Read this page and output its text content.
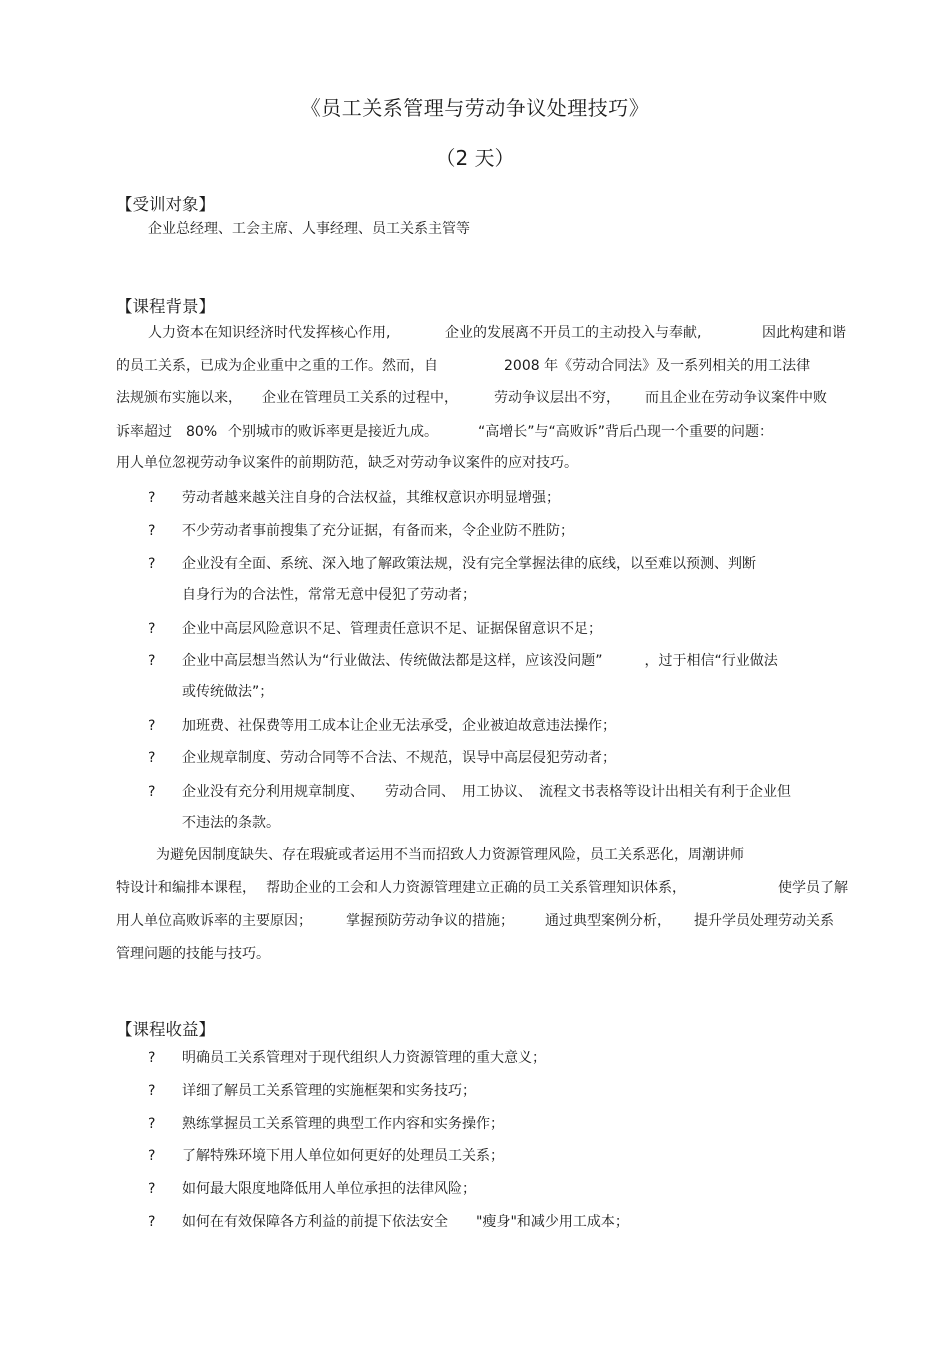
《员工关系管理与劳动争议处理技巧》
（2 天）
【受训对象】
企业总经理、工会主席、人事经理、员工关系主管等
【课程背景】
人力资本在知识经济时代发挥核心作用,	企业的发展离不开员工的主动投入与奉献,	因此构建和谐
的员工关系，已成为企业重中之重的工作。然而，自	2008 年《劳动合同法》及一系列相关的用工法律
法规颁布实施以来， 企业在管理员工关系的过程中，	劳动争议层出不穷， 而且企业在劳动争议案件中败
诉率超过 80% 个别城市的败诉率更是接近九成。	“高增长”与“高败诉”背后凸现一个重要的问题：
用人单位忽视劳动争议案件的前期防范，缺乏对劳动争议案件的应对技巧。
? 劳动者越来越关注自身的合法权益，其维权意识亦明显增强；
? 不少劳动者事前搜集了充分证据，有备而来，令企业防不胜防；
? 企业没有全面、系统、深入地了解政策法规，没有完全掌握法律的底线，以至难以预测、判断
自身行为的合法性，常常无意中侵犯了劳动者；
? 企业中高层风险意识不足、管理责任意识不足、证据保留意识不足；
? 企业中高层想当然认为“行业做法、传统做法都是这样，应该没问题”　　　，过于相信“行业做法
或传统做法”；
? 加班费、社保费等用工成本让企业无法承受，企业被迫故意违法操作；
? 企业规章制度、劳动合同等不合法、不规范，误导中高层侵犯劳动者；
? 企业没有充分利用规章制度、　　劳动合同、　用工协议、　流程文书表格等设计出相关有利于企业但
不违法的条款。
为避免因制度缺失、存在瑕疵或者运用不当而招致人力资源管理风险，员工关系恶化，周潮讲师
特设计和编排本课程， 帮助企业的工会和人力资源管理建立正确的员工关系管理知识体系，	使学员了解
用人单位高败诉率的主要原因； 掌握预防劳动争议的措施； 通过典型案例分析， 提升学员处理劳动关系
管理问题的技能与技巧。
【课程收益】
? 明确员工关系管理对于现代组织人力资源管理的重大意义；
? 详细了解员工关系管理的实施框架和实务技巧；
? 熟练掌握员工关系管理的典型工作内容和实务操作；
? 了解特殊环境下用人单位如何更好的处理员工关系；
? 如何最大限度地降低用人单位承担的法律风险；
? 如何在有效保障各方利益的前提下依法安全　　"瘦身"和减少用工成本；
